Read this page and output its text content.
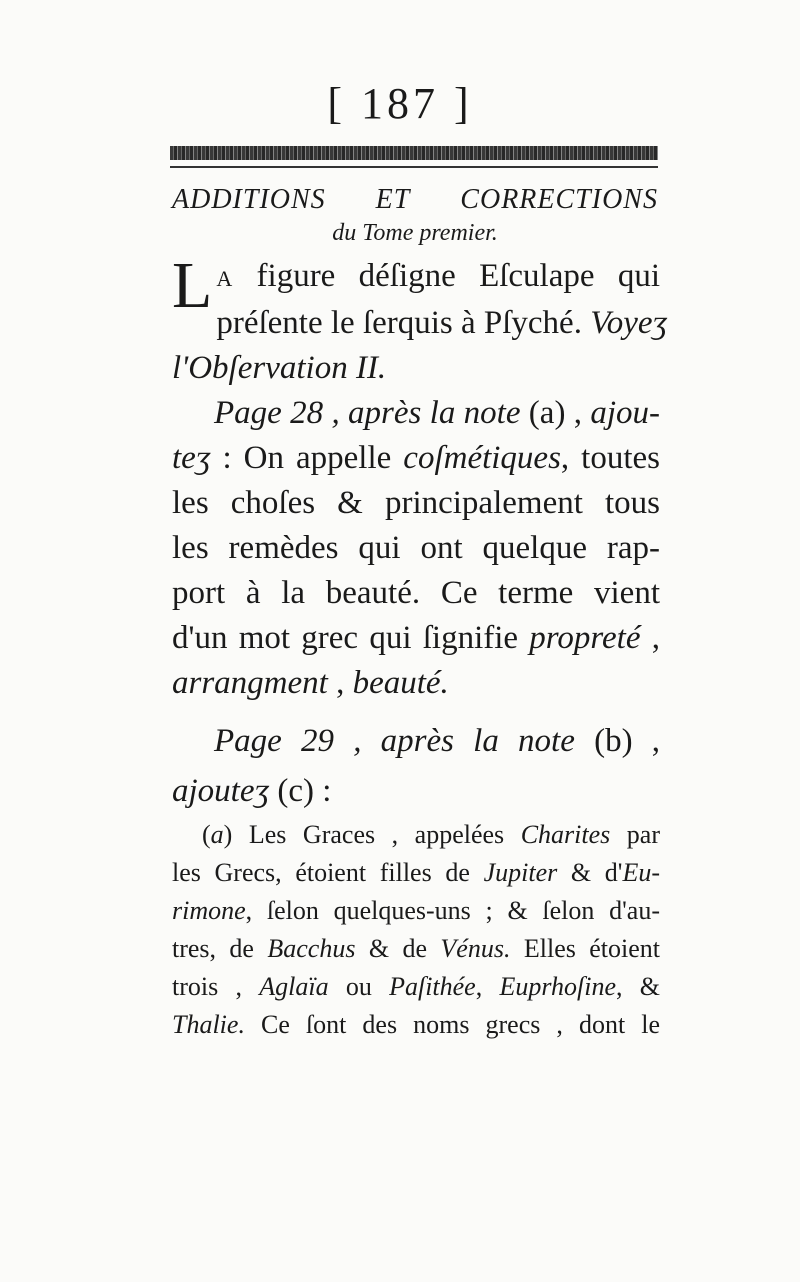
[ 187 ]
ADDITIONS ET CORRECTIONS
du Tome premier.

L A figure déſigne Eſculape qui
préſente le ſerquis à Pſyché. Voyeʒ
l'Obſervation II.

Page 28 , après la note (a) , ajou-
teʒ : On appelle coſmétiques, toutes
les choſes & principalement tous
les remèdes qui ont quelque rap-
port à la beauté. Ce terme vient
d'un mot grec qui ſignifie propreté ,
arrangment , beauté.

Page 29 , après la note (b) ,
ajouteʒ (c) :

(a) Les Graces , appelées Charites par
les Grecs, étoient filles de Jupiter & d'Eu-
rimone, ſelon quelques-uns ; & ſelon d'au-
tres, de Bacchus & de Vénus. Elles étoient
trois , Aglaïa ou Paſithée, Euprhoſine, &
Thalie. Ce ſont des noms grecs , dont le
